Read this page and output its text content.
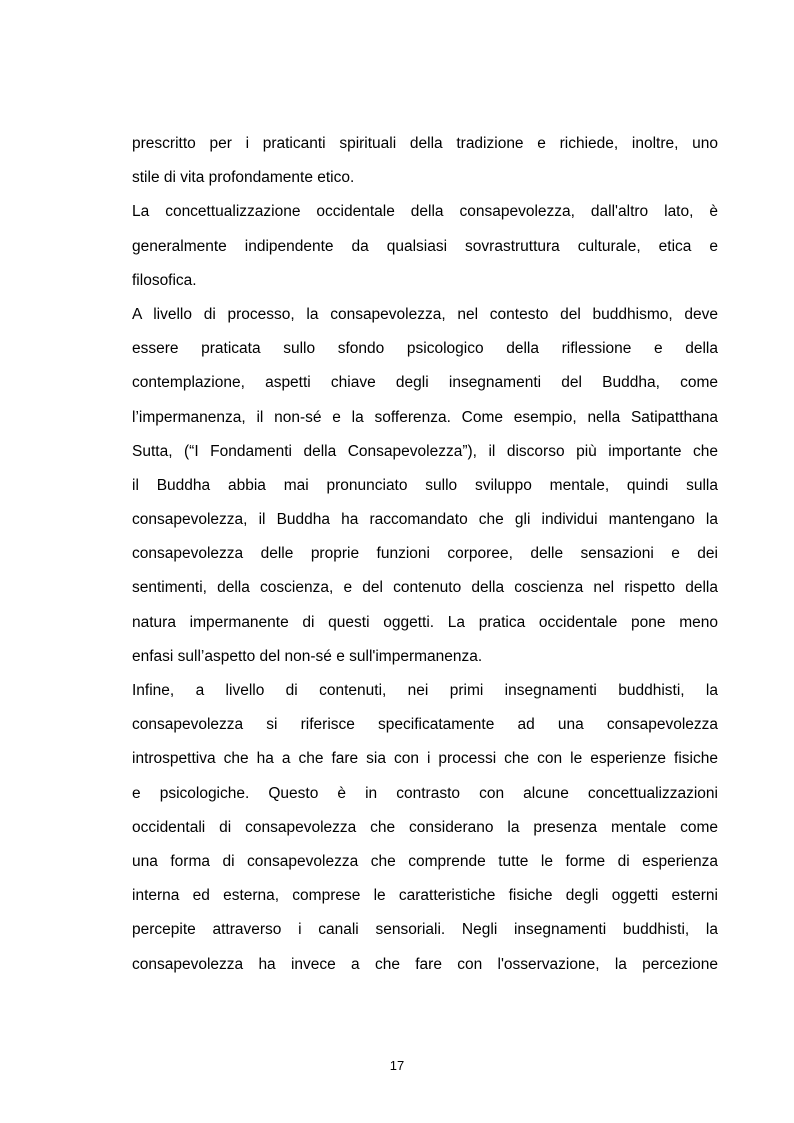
prescritto per i praticanti spirituali della tradizione e richiede, inoltre, uno
stile di vita profondamente etico.
La concettualizzazione occidentale della consapevolezza, dall'altro lato, è
generalmente indipendente da qualsiasi sovrastruttura culturale, etica e
filosofica.
A livello di processo, la consapevolezza, nel contesto del buddhismo, deve
essere praticata sullo sfondo psicologico della riflessione e della
contemplazione, aspetti chiave degli insegnamenti del Buddha, come
l’impermanenza, il non-sé e la sofferenza. Come esempio, nella Satipatthana
Sutta, (“I Fondamenti della Consapevolezza”), il discorso più importante che
il Buddha abbia mai pronunciato sullo sviluppo mentale, quindi sulla
consapevolezza, il Buddha ha raccomandato che gli individui mantengano la
consapevolezza delle proprie funzioni corporee, delle sensazioni e dei
sentimenti, della coscienza, e del contenuto della coscienza nel rispetto della
natura impermanente di questi oggetti. La pratica occidentale pone meno
enfasi sull’aspetto del non-sé e sull'impermanenza.
Infine, a livello di contenuti, nei primi insegnamenti buddhisti, la
consapevolezza si riferisce specificatamente ad una consapevolezza
introspettiva che ha a che fare sia con i processi che con le esperienze fisiche
e psicologiche. Questo è in contrasto con alcune concettualizzazioni
occidentali di consapevolezza che considerano la presenza mentale come
una forma di consapevolezza che comprende tutte le forme di esperienza
interna ed esterna, comprese le caratteristiche fisiche degli oggetti esterni
percepite attraverso i canali sensoriali. Negli insegnamenti buddhisti, la
consapevolezza ha invece a che fare con l'osservazione, la percezione
17
